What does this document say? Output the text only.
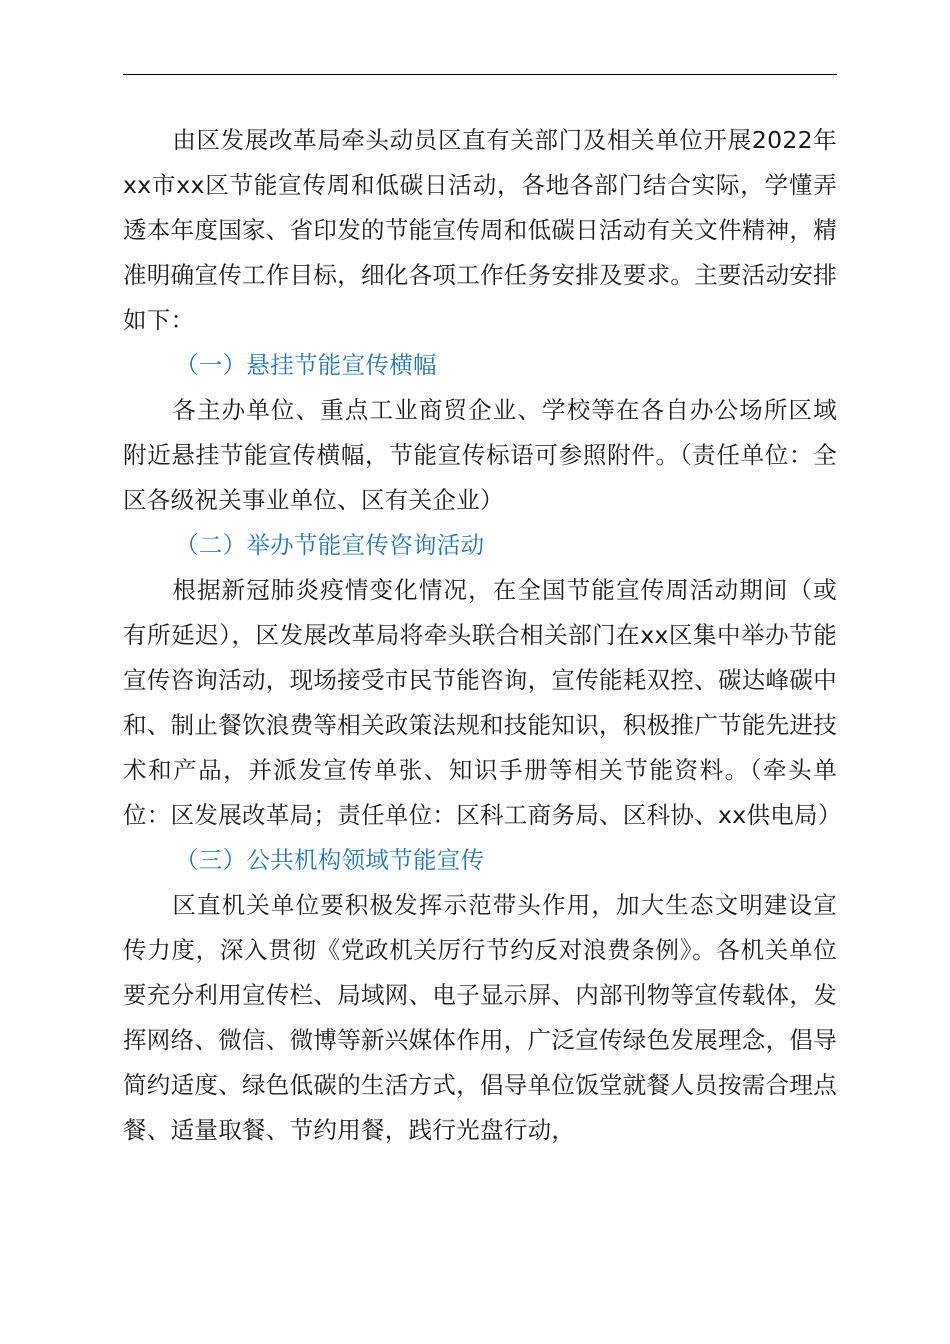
由区发展改革局牵头动员区直有关部门及相关单位开展2022年xx市xx区节能宣传周和低碳日活动，各地各部门结合实际，学懂弄透本年度国家、省印发的节能宣传周和低碳日活动有关文件精神，精准明确宣传工作目标，细化各项工作任务安排及要求。主要活动安排如下：

（一）悬挂节能宣传横幅

各主办单位、重点工业商贸企业、学校等在各自办公场所区域附近悬挂节能宣传横幅，节能宣传标语可参照附件。（责任单位：全区各级祝关事业单位、区有关企业）

（二）举办节能宣传咨询活动

根据新冠肺炎疫情变化情况，在全国节能宣传周活动期间（或有所延迟），区发展改革局将牵头联合相关部门在xx区集中举办节能宣传咨询活动，现场接受市民节能咨询，宣传能耗双控、碳达峰碳中和、制止餐饮浪费等相关政策法规和技能知识，积极推广节能先进技术和产品，并派发宣传单张、知识手册等相关节能资料。（牵头单位：区发展改革局；责任单位：区科工商务局、区科协、xx供电局）

（三）公共机构领域节能宣传

区直机关单位要积极发挥示范带头作用，加大生态文明建设宣传力度，深入贯彻《党政机关厉行节约反对浪费条例》。各机关单位要充分利用宣传栏、局域网、电子显示屏、内部刊物等宣传载体，发挥网络、微信、微博等新兴媒体作用，广泛宣传绿色发展理念，倡导简约适度、绿色低碳的生活方式，倡导单位饭堂就餐人员按需合理点餐、适量取餐、节约用餐，践行光盘行动，
